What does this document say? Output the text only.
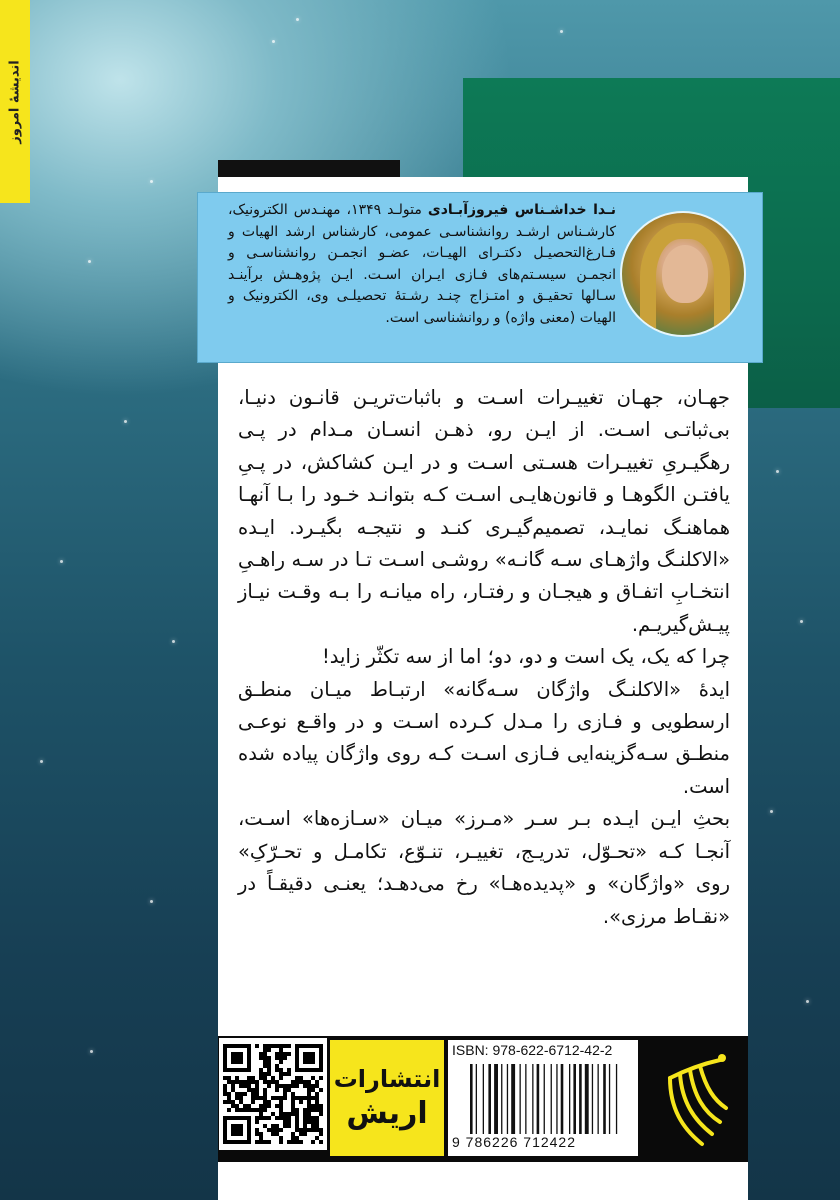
اندیشهٔ امروز
نـدا خداشـناس فیروزآبـادی متولـد ۱۳۴۹، مهنـدس الکترونیک، کارشـناس ارشـد روانشناسـی عمومی، کارشناس ارشد الهیات و فـارغ‌التحصیـل دکتـرای الهیـات، عضـو انجمـن روانشناسـی و انجمـن سیسـتم‌های فـازی ایـران اسـت. ایـن پژوهـش برآینـد سـالها تحقیـق و امتـزاج چنـد رشـتهٔ تحصیلـی وی، الکترونیک و الهیات (معنی واژه) و روانشناسی است.

جهـان، جهـان تغییـرات اسـت و باثبات‌تریـن قانـون دنیـا، بی‌ثباتـی اسـت. از ایـن رو، ذهـن انسـان مـدام در پـی رهگیـریِ تغییـرات هسـتی اسـت و در ایـن کشاکش، در پـیِ یافتـن الگوهـا و قانون‌هایـی اسـت کـه بتوانـد خـود را بـا آنهـا هماهنـگ نمایـد، تصمیم‌گیـری کنـد و نتیجـه بگیـرد. ایـده «الاکلنـگ واژهـای سـه گانـه» روشـی اسـت تـا در سـه راهـیِ انتخـابِ اتفـاق و هیجـان و رفتـار، راه میانـه را بـه وقـت نیـاز پیـش‌گیریـم.

چرا که یک، یک است و دو، دو؛ اما از سه تکثّر زاید!

ایدهٔ «الاکلنـگ واژگان سـه‌گانه» ارتبـاط میـان منطـق ارسطویی و فـازی را مـدل کـرده اسـت و در واقـع نوعـی منطـق سـه‌گزینه‌ایی فـازی اسـت کـه روی واژگان پیاده شده است.

بحثِ ایـن ایـده بـر سـر «مـرز» میـان «سـازه‌ها» اسـت، آنجـا کـه «تحـوّل، تدریـج، تغییـر، تنـوّع، تکامـل و تحـرّکِ» روی «واژگان» و «پدیده‌هـا» رخ می‌دهـد؛ یعنـی دقیقـاً در «نقـاط مرزی».

انتشارات
اریش
ISBN: 978-622-6712-42-2
9 786226 712422
